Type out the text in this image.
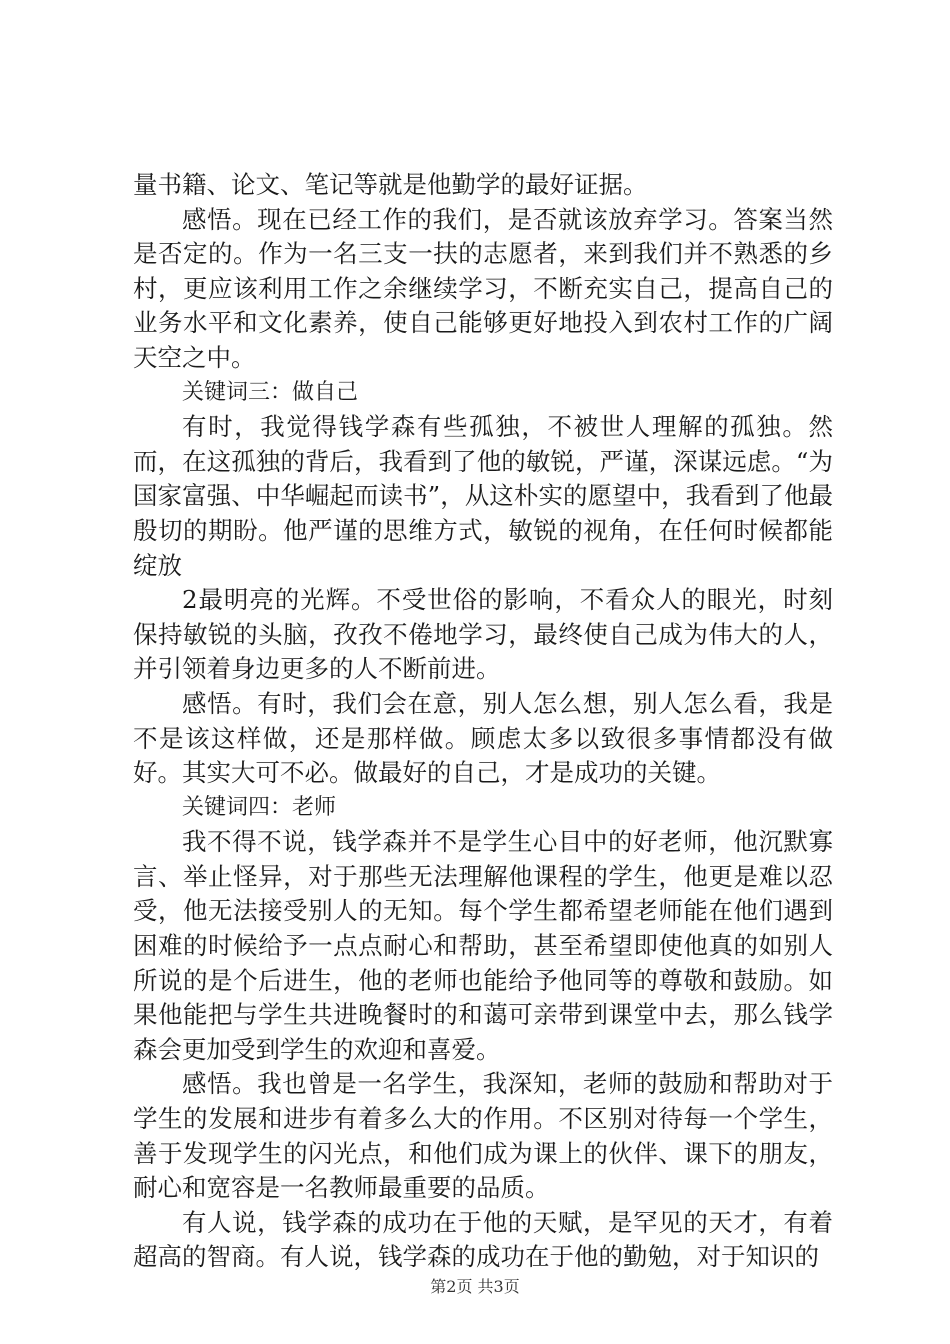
量书籍、论文、笔记等就是他勤学的最好证据。

感悟。现在已经工作的我们，是否就该放弃学习。答案当然是否定的。作为一名三支一扶的志愿者，来到我们并不熟悉的乡村，更应该利用工作之余继续学习，不断充实自己，提高自己的业务水平和文化素养，使自己能够更好地投入到农村工作的广阔天空之中。

关键词三：做自己

有时，我觉得钱学森有些孤独，不被世人理解的孤独。然而，在这孤独的背后，我看到了他的敏锐，严谨，深谋远虑。“为国家富强、中华崛起而读书”，从这朴实的愿望中，我看到了他最殷切的期盼。他严谨的思维方式，敏锐的视角，在任何时候都能绽放

2最明亮的光辉。不受世俗的影响，不看众人的眼光，时刻保持敏锐的头脑，孜孜不倦地学习，最终使自己成为伟大的人，并引领着身边更多的人不断前进。

感悟。有时，我们会在意，别人怎么想，别人怎么看，我是不是该这样做，还是那样做。顾虑太多以致很多事情都没有做好。其实大可不必。做最好的自己，才是成功的关键。

关键词四：老师

我不得不说，钱学森并不是学生心目中的好老师，他沉默寡言、举止怪异，对于那些无法理解他课程的学生，他更是难以忍受，他无法接受别人的无知。每个学生都希望老师能在他们遇到困难的时候给予一点点耐心和帮助，甚至希望即使他真的如别人所说的是个后进生，他的老师也能给予他同等的尊敬和鼓励。如果他能把与学生共进晚餐时的和蔼可亲带到课堂中去，那么钱学森会更加受到学生的欢迎和喜爱。

感悟。我也曾是一名学生，我深知，老师的鼓励和帮助对于学生的发展和进步有着多么大的作用。不区别对待每一个学生，善于发现学生的闪光点，和他们成为课上的伙伴、课下的朋友，耐心和宽容是一名教师最重要的品质。

有人说，钱学森的成功在于他的天赋，是罕见的天才，有着超高的智商。有人说，钱学森的成功在于他的勤勉，对于知识的

第2页 共3页
